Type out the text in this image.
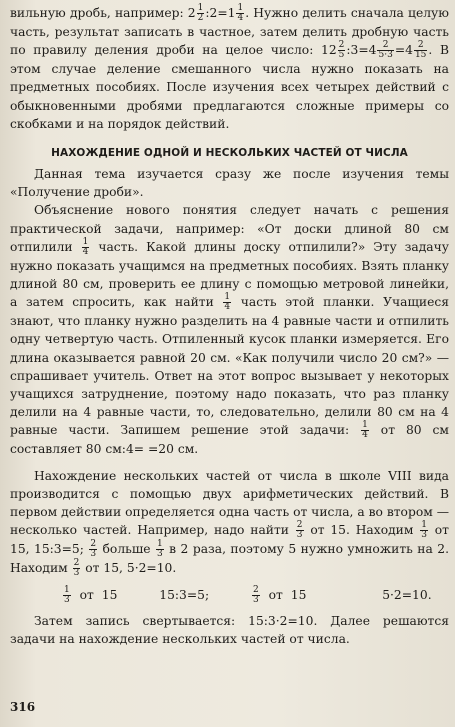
вильную дробь, например: $2 \frac{1}{2}$ :2=1 $\frac{1}{4}$ . Нужно делить сначала целую часть, результат записать в частное, затем делить дробную часть по правилу деления дроби на целое число: $12 \frac{2}{5}$ :3=4 $\frac{2}{5\cdot 3} =4 \frac{2}{15}$ . В этом случае деление смешанного числа нужно показать на предметных пособиях. После изучения всех четырех действий с обыкновенными дробями предлагаются сложные примеры со скобками и на порядок действий.

НАХОЖДЕНИЕ ОДНОЙ И НЕСКОЛЬКИХ ЧАСТЕЙ ОТ ЧИСЛА

Данная тема изучается сразу же после изучения темы «Получение дроби».

Объяснение нового понятия следует начать с решения практической задачи, например: «От доски длиной 80 см отпилили $\frac{1}{4}$ часть. Какой длины доску отпилили?» Эту задачу нужно показать учащимся на предметных пособиях. Взять планку длиной 80 см, проверить ее длину с помощью метровой линейки, а затем спросить, как найти $\frac{1}{4}$ часть этой планки. Учащиеся знают, что планку нужно разделить на 4 равные части и отпилить одну четвертую часть. Отпиленный кусок планки измеряется. Его длина оказывается равной 20 см. «Как получили число 20 см?» — спрашивает учитель. Ответ на этот вопрос вызывает у некоторых учащихся затруднение, поэтому надо показать, что раз планку делили на 4 равные части, то, следовательно, делили 80 см на 4 равные части. Запишем решение этой задачи: $\frac{1}{4}$ от 80 см составляет 80 см:4= =20 см.

Нахождение нескольких частей от числа в школе VIII вида производится с помощью двух арифметических действий. В первом действии определяется одна часть от числа, а во втором — несколько частей. Например, надо найти $\frac{2}{3}$ от 15. Находим $\frac{1}{3}$ от 15, 15:3=5; $\frac{2}{3}$ больше $\frac{1}{3}$ в 2 раза, поэтому 5 нужно умножить на 2. Находим $\frac{2}{3}$ от 15, 5·2=10.

$\frac{1}{3}$ от 15	15:3=5;	$\frac{2}{3}$ от 15	5·2=10.

Затем запись свертывается: 15:3·2=10. Далее решаются задачи на нахождение нескольких частей от числа.

316
